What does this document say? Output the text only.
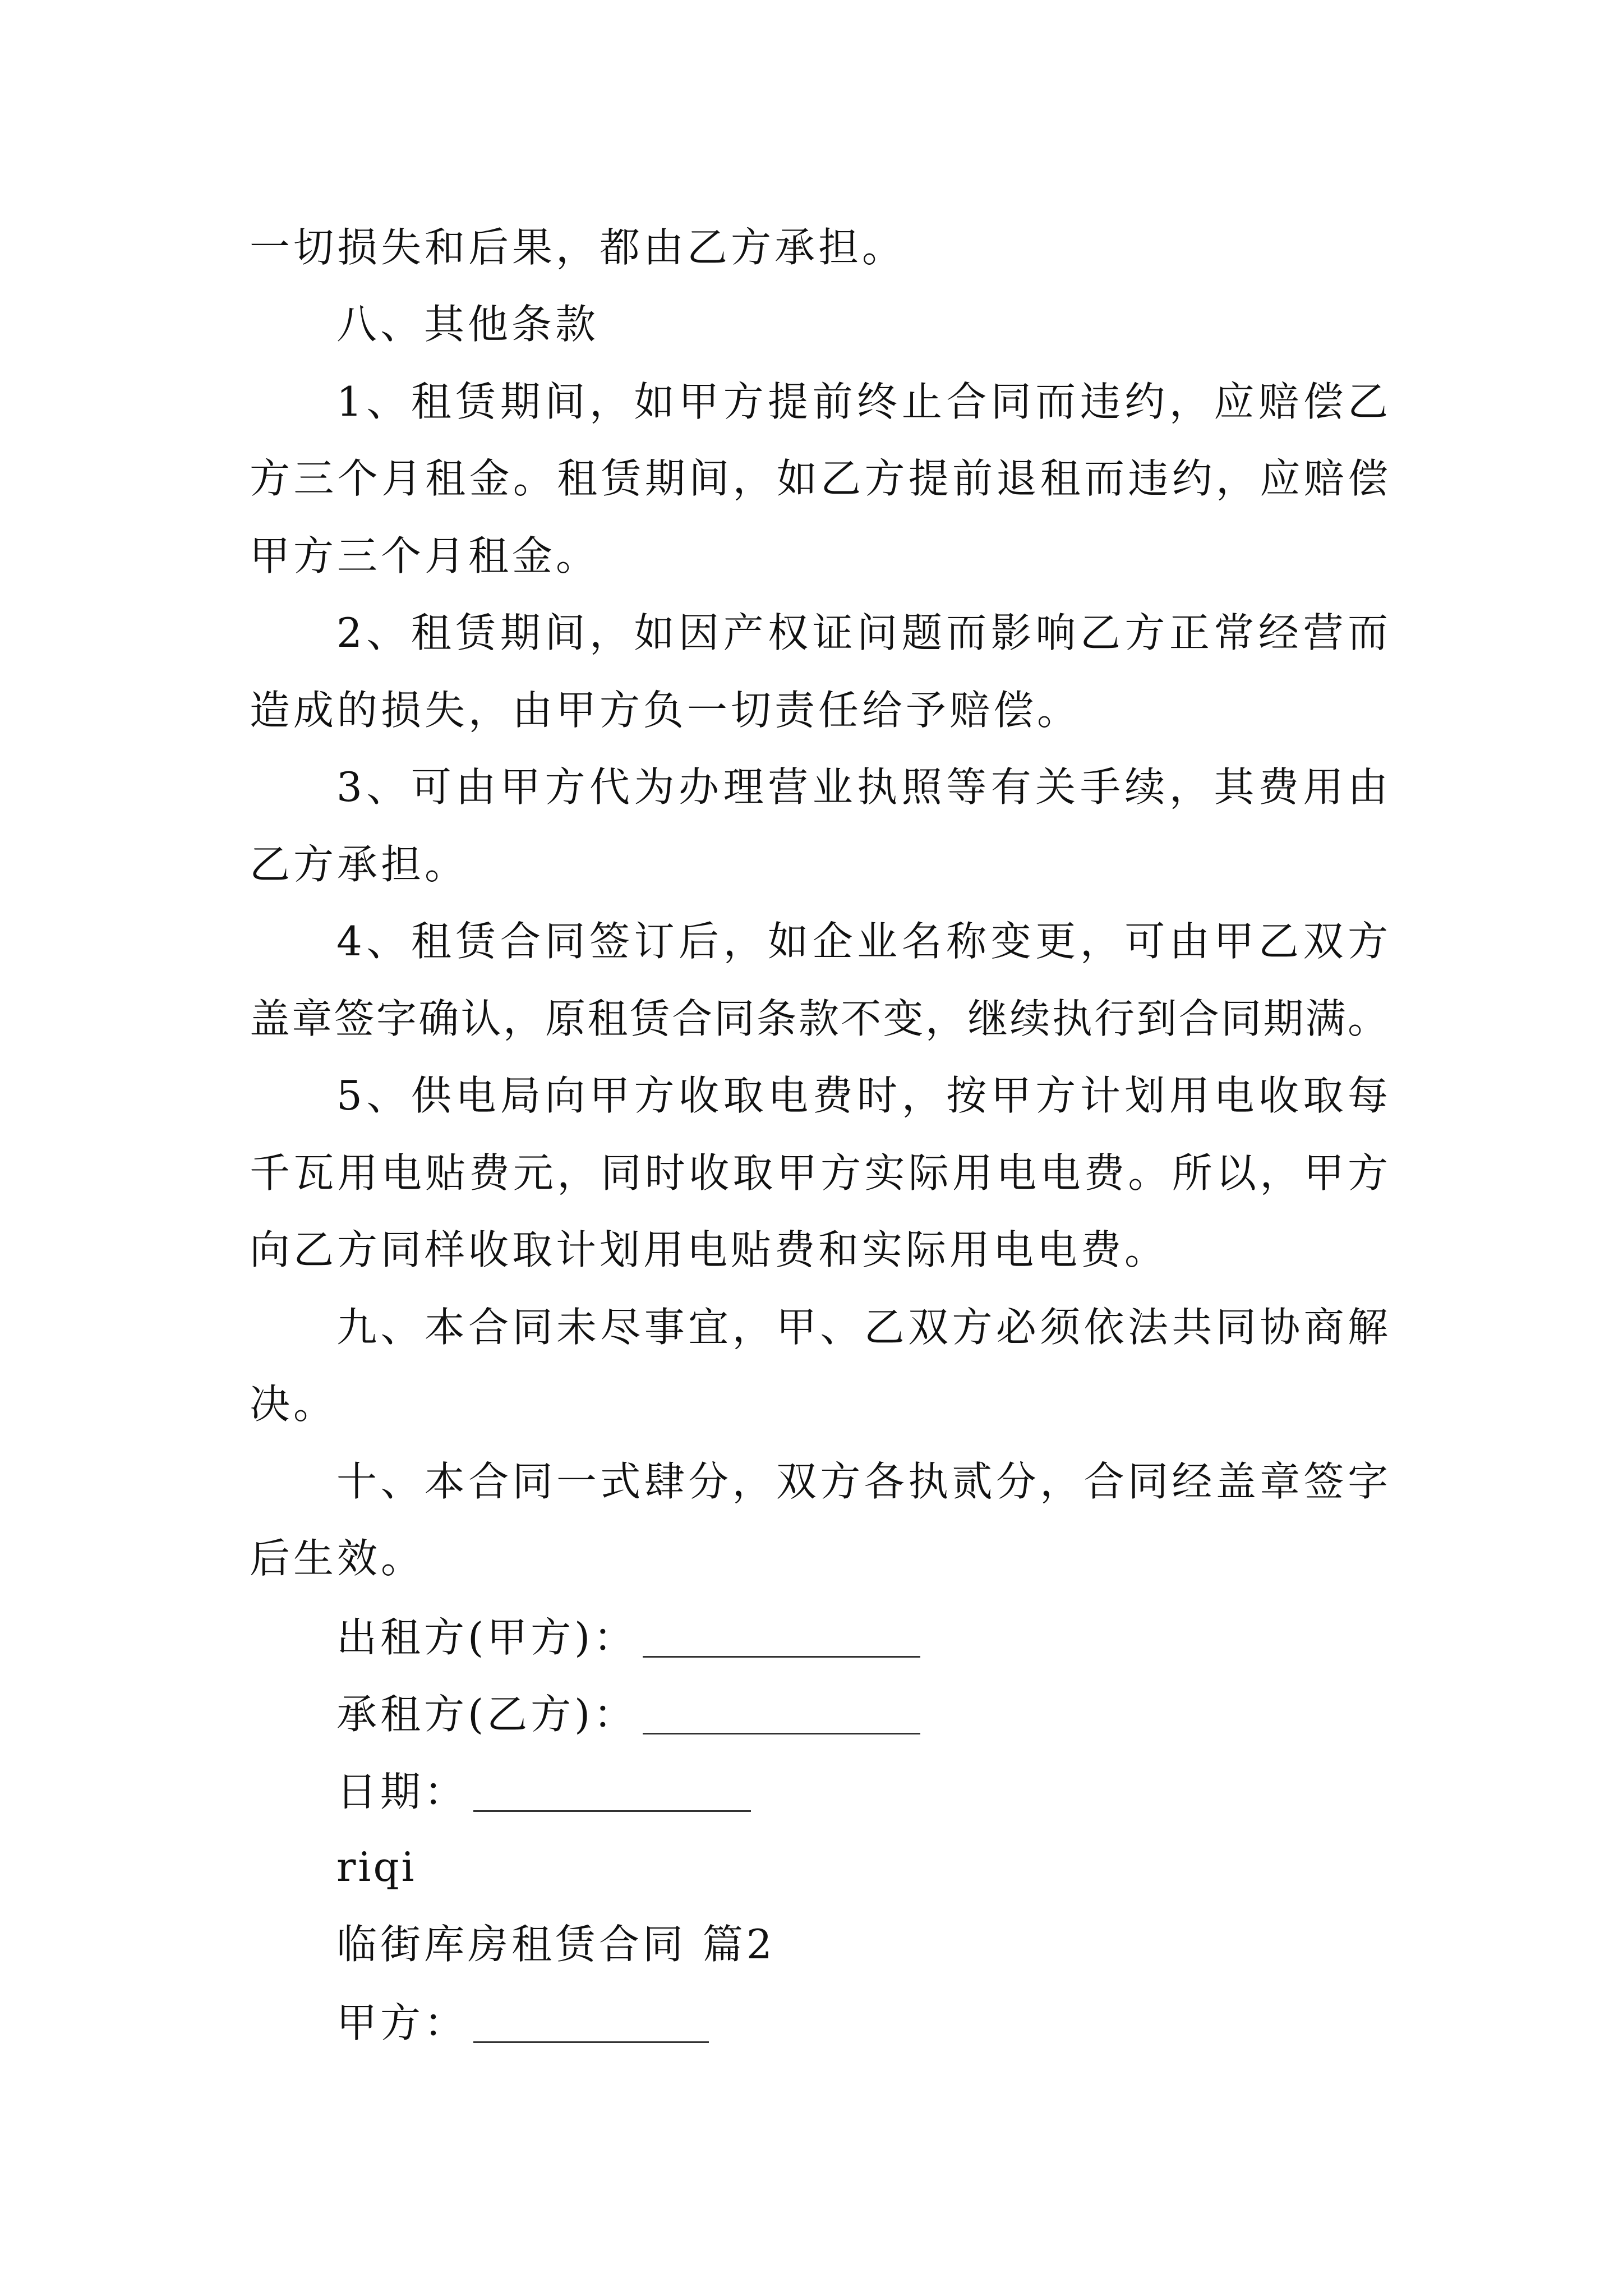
一切损失和后果，都由乙方承担。
八、其他条款
1、租赁期间，如甲方提前终止合同而违约，应赔偿乙
方三个月租金。租赁期间，如乙方提前退租而违约，应赔偿
甲方三个月租金。
2、租赁期间，如因产权证问题而影响乙方正常经营而
造成的损失，由甲方负一切责任给予赔偿。
3、可由甲方代为办理营业执照等有关手续，其费用由
乙方承担。
4、租赁合同签订后，如企业名称变更，可由甲乙双方
盖章签字确认，原租赁合同条款不变，继续执行到合同期满。
5、供电局向甲方收取电费时，按甲方计划用电收取每
千瓦用电贴费元，同时收取甲方实际用电电费。所以，甲方
向乙方同样收取计划用电贴费和实际用电电费。
九、本合同未尽事宜，甲、乙双方必须依法共同协商解
决。
十、本合同一式肆分，双方各执贰分，合同经盖章签字
后生效。
出租方(甲方)：
承租方(乙方)：
日期：
riqi
临街库房租赁合同 篇2
甲方：
